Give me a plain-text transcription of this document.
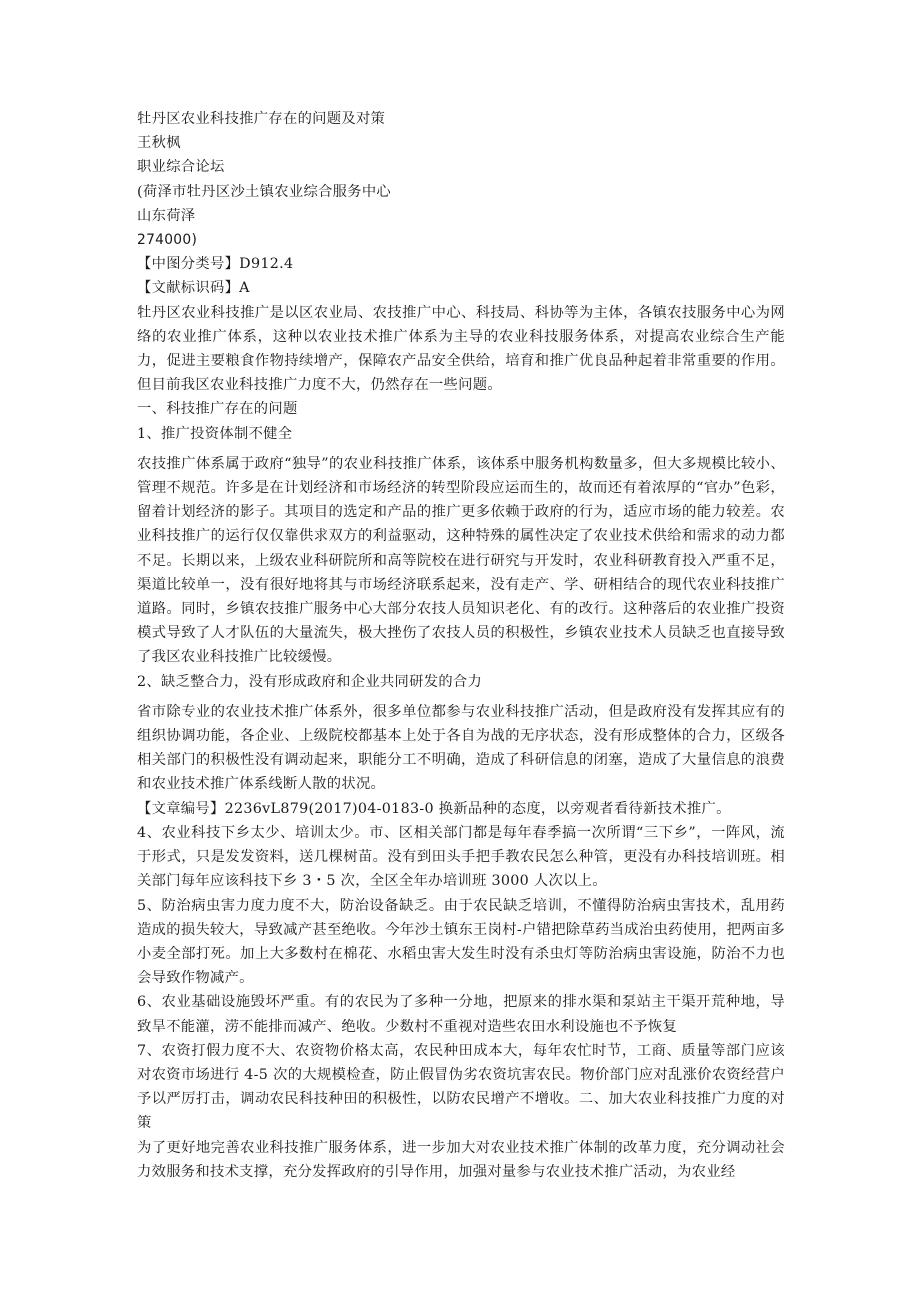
牡丹区农业科技推广存在的问题及对策

王秋枫

职业综合论坛

(荷泽市牡丹区沙土镇农业综合服务中心

山东荷泽

274000)

【中图分类号】D912.4

【文献标识码】A

牡丹区农业科技推广是以区农业局、农技推广中心、科技局、科协等为主体，各镇农技服务中心为网络的农业推广体系，这种以农业技术推广体系为主导的农业科技服务体系，对提高农业综合生产能力，促进主要粮食作物持续增产，保障农产品安全供给，培育和推广优良品种起着非常重要的作用。但目前我区农业科技推广力度不大，仍然存在一些问题。

一、科技推广存在的问题

1、推广投资体制不健全

农技推广体系属于政府“独导”的农业科技推广体系，该体系中服务机构数量多，但大多规模比较小、管理不规范。许多是在计划经济和市场经济的转型阶段应运而生的，故而还有着浓厚的“官办”色彩，留着计划经济的影子。其项目的选定和产品的推广更多依赖于政府的行为，适应市场的能力较差。农业科技推广的运行仅仅靠供求双方的利益驱动，这种特殊的属性决定了农业技术供给和需求的动力都不足。长期以来，上级农业科研院所和高等院校在进行研究与开发时，农业科研教育投入严重不足，渠道比较单一，没有很好地将其与市场经济联系起来，没有走产、学、研相结合的现代农业科技推广道路。同时，乡镇农技推广服务中心大部分农技人员知识老化、有的改行。这种落后的农业推广投资模式导致了人才队伍的大量流失，极大挫伤了农技人员的积极性，乡镇农业技术人员缺乏也直接导致了我区农业科技推广比较缓慢。

2、缺乏整合力，没有形成政府和企业共同研发的合力

省市除专业的农业技术推广体系外，很多单位都参与农业科技推广活动，但是政府没有发挥其应有的组织协调功能，各企业、上级院校都基本上处于各自为战的无序状态，没有形成整体的合力，区级各相关部门的积极性没有调动起来，职能分工不明确，造成了科研信息的闭塞，造成了大量信息的浪费和农业技术推广体系线断人散的状况。

【文章编号】2236vL879(2017)04-0183-0 换新品种的态度，以旁观者看待新技术推广。

4、农业科技下乡太少、培训太少。市、区相关部门都是每年春季搞一次所谓“三下乡”，一阵风，流于形式，只是发发资料，送几棵树苗。没有到田头手把手教农民怎么种管，更没有办科技培训班。相关部门每年应该科技下乡 3・5 次，全区全年办培训班 3000 人次以上。

5、防治病虫害力度力度不大，防治设备缺乏。由于农民缺乏培训，不懂得防治病虫害技术，乱用药造成的损失较大，导致减产甚至绝收。今年沙土镇东王岗村-户错把除草药当成治虫药使用，把两亩多小麦全部打死。加上大多数村在棉花、水稻虫害大发生时没有杀虫灯等防治病虫害设施，防治不力也会导致作物减产。

6、农业基础设施毁坏严重。有的农民为了多种一分地，把原来的排水渠和泵站主干渠开荒种地，导致旱不能灌，涝不能排而减产、绝收。少数村不重视对造些农田水利设施也不予恢复

7、农资打假力度不大、农资物价格太高，农民种田成本大，每年农忙时节，工商、质量等部门应该对农资市场进行 4-5 次的大规模检查，防止假冒伪劣农资坑害农民。物价部门应对乱涨价农资经营户予以严厉打击，调动农民科技种田的积极性，以防农民增产不增收。二、加大农业科技推广力度的对策

为了更好地完善农业科技推广服务体系，进一步加大对农业技术推广体制的改革力度，充分调动社会力效服务和技术支撑，充分发挥政府的引导作用，加强对量参与农业技术推广活动，为农业经
